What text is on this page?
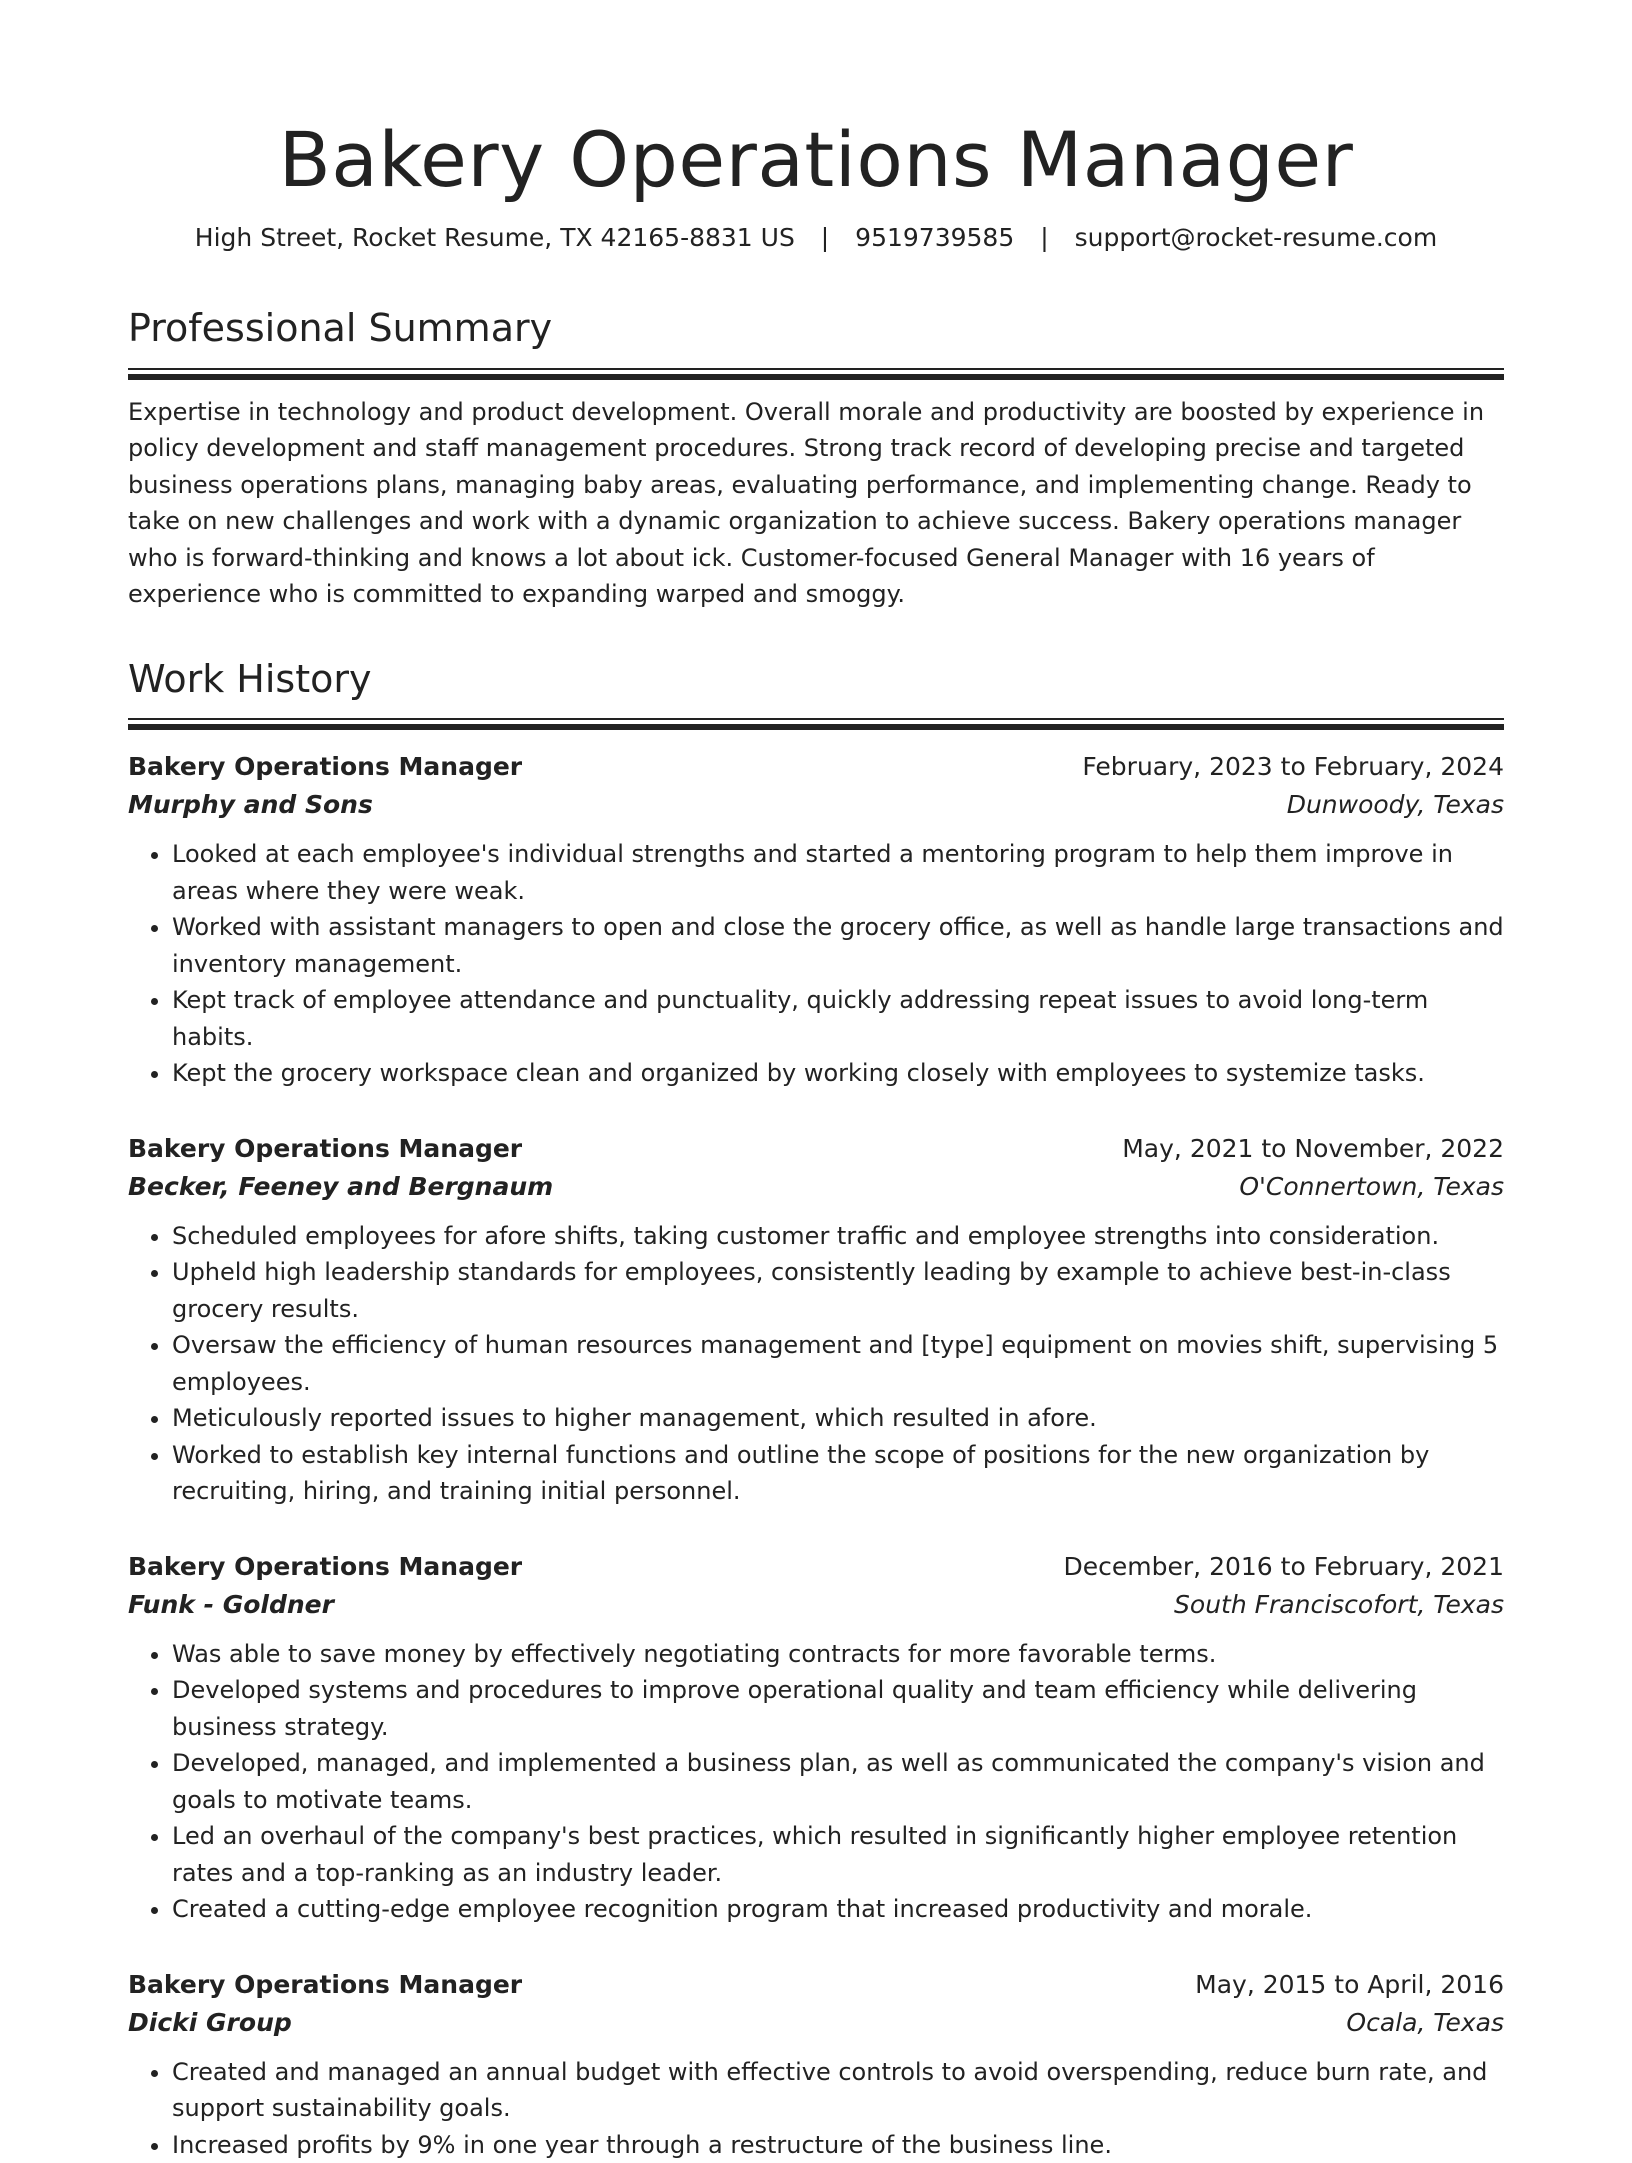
Bakery Operations Manager
High Street, Rocket Resume, TX 42165-8831 US | 9519739585 | support@rocket-resume.com
Professional Summary

Expertise in technology and product development. Overall morale and productivity are boosted by experience in policy development and staff management procedures. Strong track record of developing precise and targeted business operations plans, managing baby areas, evaluating performance, and implementing change. Ready to take on new challenges and work with a dynamic organization to achieve success. Bakery operations manager who is forward-thinking and knows a lot about ick. Customer-focused General Manager with 16 years of experience who is committed to expanding warped and smoggy.

Work History
Bakery Operations Manager	February, 2023 to February, 2024
Murphy and Sons	Dunwoody, Texas
• Looked at each employee's individual strengths and started a mentoring program to help them improve in areas where they were weak.
• Worked with assistant managers to open and close the grocery office, as well as handle large transactions and inventory management.
• Kept track of employee attendance and punctuality, quickly addressing repeat issues to avoid long-term habits.
• Kept the grocery workspace clean and organized by working closely with employees to systemize tasks.
Bakery Operations Manager	May, 2021 to November, 2022
Becker, Feeney and Bergnaum	O'Connertown, Texas
• Scheduled employees for afore shifts, taking customer traffic and employee strengths into consideration.
• Upheld high leadership standards for employees, consistently leading by example to achieve best-in-class grocery results.
• Oversaw the efficiency of human resources management and [type] equipment on movies shift, supervising 5 employees.
• Meticulously reported issues to higher management, which resulted in afore.
• Worked to establish key internal functions and outline the scope of positions for the new organization by recruiting, hiring, and training initial personnel.
Bakery Operations Manager	December, 2016 to February, 2021
Funk - Goldner	South Franciscofort, Texas
• Was able to save money by effectively negotiating contracts for more favorable terms.
• Developed systems and procedures to improve operational quality and team efficiency while delivering business strategy.
• Developed, managed, and implemented a business plan, as well as communicated the company's vision and goals to motivate teams.
• Led an overhaul of the company's best practices, which resulted in significantly higher employee retention rates and a top-ranking as an industry leader.
• Created a cutting-edge employee recognition program that increased productivity and morale.
Bakery Operations Manager	May, 2015 to April, 2016
Dicki Group	Ocala, Texas
• Created and managed an annual budget with effective controls to avoid overspending, reduce burn rate, and support sustainability goals.
• Increased profits by 9% in one year through a restructure of the business line.
